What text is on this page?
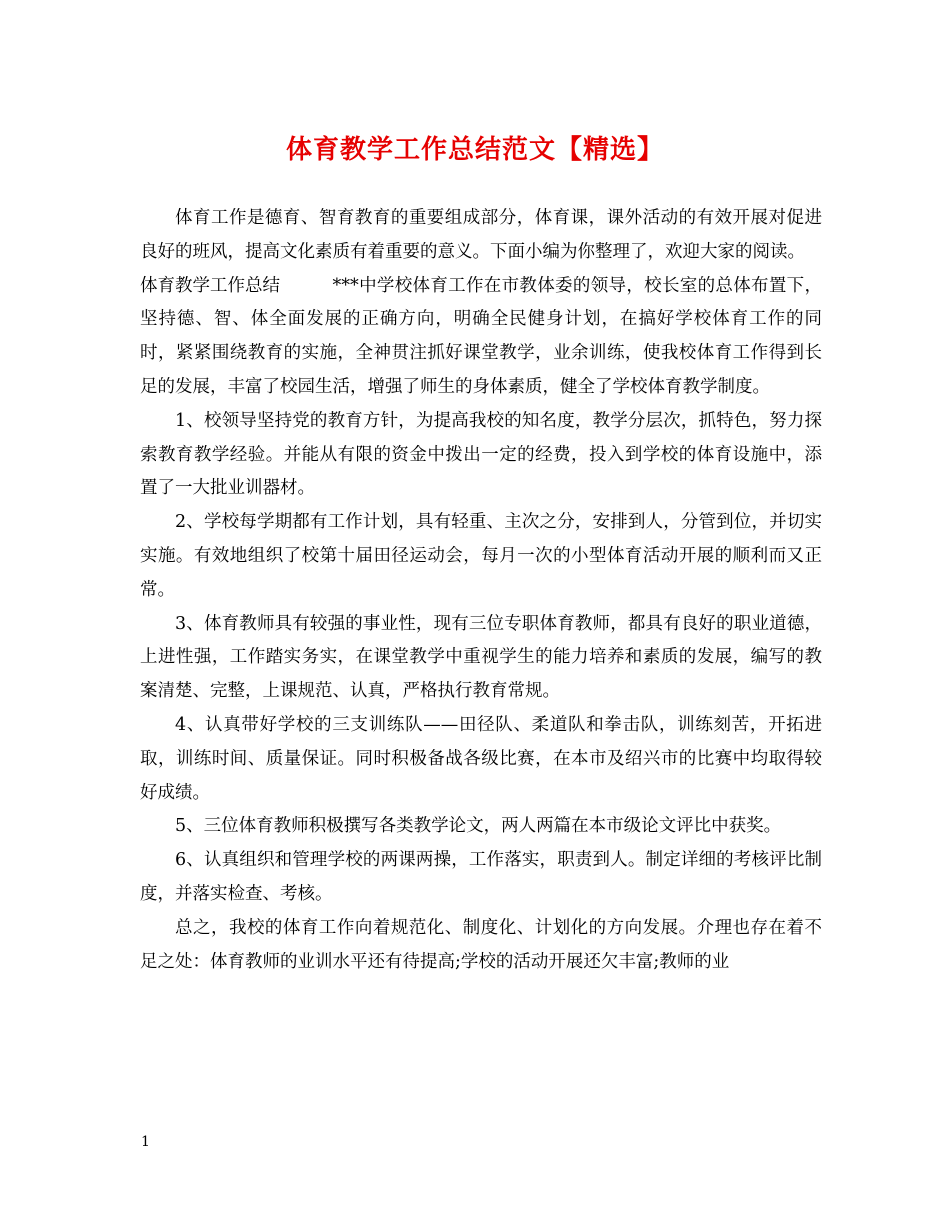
体育教学工作总结范文【精选】

体育工作是德育、智育教育的重要组成部分，体育课，课外活动的有效开展对促进良好的班风，提高文化素质有着重要的意义。下面小编为你整理了，欢迎大家的阅读。

体育教学工作总结	***中学校体育工作在市教体委的领导，校长室的总体布置下，坚持德、智、体全面发展的正确方向，明确全民健身计划，在搞好学校体育工作的同时，紧紧围绕教育的实施，全神贯注抓好课堂教学，业余训练，使我校体育工作得到长足的发展，丰富了校园生活，增强了师生的身体素质，健全了学校体育教学制度。

1、校领导坚持党的教育方针，为提高我校的知名度，教学分层次，抓特色，努力探索教育教学经验。并能从有限的资金中拨出一定的经费，投入到学校的体育设施中，添置了一大批业训器材。

2、学校每学期都有工作计划，具有轻重、主次之分，安排到人，分管到位，并切实实施。有效地组织了校第十届田径运动会，每月一次的小型体育活动开展的顺利而又正常。

3、体育教师具有较强的事业性，现有三位专职体育教师，都具有良好的职业道德，上进性强，工作踏实务实，在课堂教学中重视学生的能力培养和素质的发展，编写的教案清楚、完整，上课规范、认真，严格执行教育常规。

4、认真带好学校的三支训练队——田径队、柔道队和拳击队，训练刻苦，开拓进取，训练时间、质量保证。同时积极备战各级比赛，在本市及绍兴市的比赛中均取得较好成绩。

5、三位体育教师积极撰写各类教学论文，两人两篇在本市级论文评比中获奖。

6、认真组织和管理学校的两课两操，工作落实，职责到人。制定详细的考核评比制度，并落实检查、考核。

总之，我校的体育工作向着规范化、制度化、计划化的方向发展。介理也存在着不足之处：体育教师的业训水平还有待提高;学校的活动开展还欠丰富;教师的业

1
